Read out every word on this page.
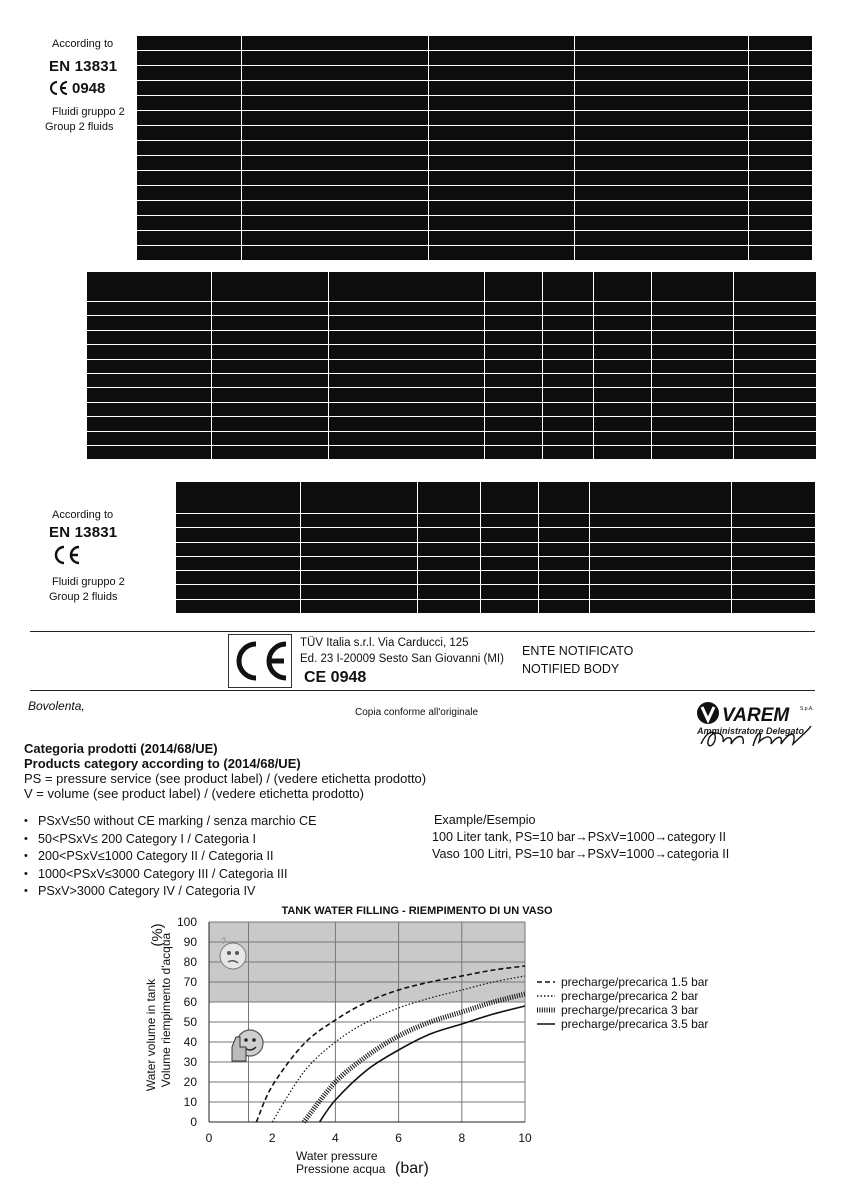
According to
EN 13831
0948
Fluidi gruppo 2
Group 2 fluids

According to
EN 13831
Fluidi gruppo 2
Group 2 fluids

TÜV Italia s.r.l. Via Carducci, 125
Ed. 23 I-20009 Sesto San Giovanni (MI)
CE 0948
ENTE NOTIFICATO
NOTIFIED BODY
Bovolenta,	Copia conforme all'originale	VAREM S.p.A.
Amministratore Delegato
Categoria prodotti (2014/68/UE)
Products category according to (2014/68/UE)
PS = pressure service (see product label) / (vedere etichetta prodotto)
V = volume (see product label) / (vedere etichetta prodotto)
• PSxV≤50 without CE marking / senza marchio CE
• 50<PSxV≤ 200 Category I / Categoria I
• 200<PSxV≤1000 Category II / Categoria II
• 1000<PSxV≤3000 Category III / Categoria III
• PSxV>3000 Category IV / Categoria IV
Example/Esempio
100 Liter tank, PS=10 bar→PSxV=1000→category II
Vaso 100 Litri, PS=10 bar→PSxV=1000→categoria II
0
10
20
30
40
50
60
70
80
90
100
0	2	4	6	8	10
TANK WATER FILLING - RIEMPIMENTO DI UN VASO
Water pressure
Pressione acqua (bar)
Water volume in tank Volume riempimento d'acqua
(%)
precharge/precarica 1.5 bar
precharge/precarica 2 bar
precharge/precarica 3 bar
precharge/precarica 3.5 bar
?
